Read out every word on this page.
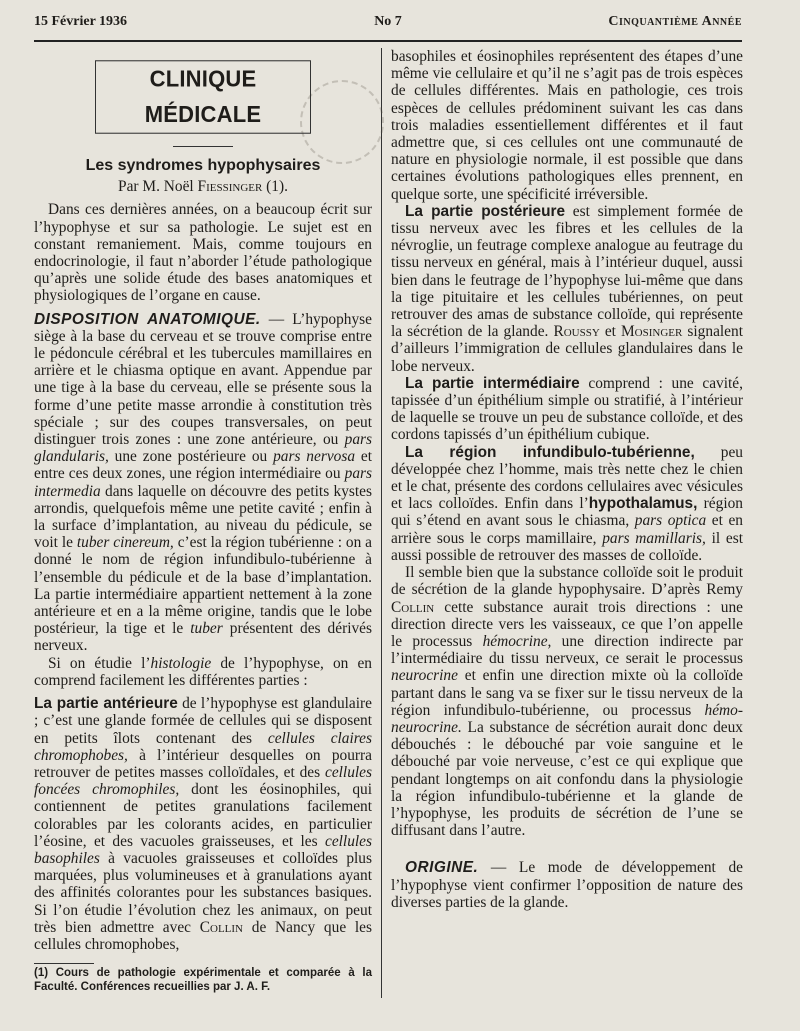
15 Février 1936	No 7	Cinquantième Année
CLINIQUE MÉDICALE
Les syndromes hypophysaires
Par M. Noël Fiessinger (1).

Dans ces dernières années, on a beaucoup écrit sur l’hypophyse et sur sa pathologie. Le sujet est en constant remaniement. Mais, comme toujours en endocrinologie, il faut n’aborder l’étude pathologique qu’après une solide étude des bases anatomiques et physiologiques de l’organe en cause.

DISPOSITION ANATOMIQUE. — L’hypophyse siège à la base du cerveau et se trouve comprise entre le pédoncule cérébral et les tubercules mamillaires en arrière et le chiasma optique en avant. Appendue par une tige à la base du cerveau, elle se présente sous la forme d’une petite masse arrondie à constitution très spéciale ; sur des coupes transversales, on peut distinguer trois zones : une zone antérieure, ou pars glandularis, une zone postérieure ou pars nervosa et entre ces deux zones, une région intermédiaire ou pars intermedia dans laquelle on découvre des petits kystes arrondis, quelquefois même une petite cavité ; enfin à la surface d’implantation, au niveau du pédicule, se voit le tuber cinereum, c’est la région tubérienne : on a donné le nom de région infundibulo-tubérienne à l’ensemble du pédicule et de la base d’implantation. La partie intermédiaire appartient nettement à la zone antérieure et en a la même origine, tandis que le lobe postérieur, la tige et le tuber présentent des dérivés nerveux.

Si on étudie l’histologie de l’hypophyse, on en comprend facilement les différentes parties :

La partie antérieure de l’hypophyse est glandulaire ; c’est une glande formée de cellules qui se disposent en petits îlots contenant des cellules claires chromophobes, à l’intérieur desquelles on pourra retrouver de petites masses colloïdales, et des cellules foncées chromophiles, dont les éosinophiles, qui contiennent de petites granulations facilement colorables par les colorants acides, en particulier l’éosine, et des vacuoles graisseuses, et les cellules basophiles à vacuoles graisseuses et colloïdes plus marquées, plus volumineuses et à granulations ayant des affinités colorantes pour les substances basiques. Si l’on étudie l’évolution chez les animaux, on peut très bien admettre avec Collin de Nancy que les cellules chromophobes,

(1) Cours de pathologie expérimentale et comparée à la Faculté. Conférences recueillies par J. A. F.

basophiles et éosinophiles représentent des étapes d’une même vie cellulaire et qu’il ne s’agit pas de trois espèces de cellules différentes. Mais en pathologie, ces trois espèces de cellules prédominent suivant les cas dans trois maladies essentiellement différentes et il faut admettre que, si ces cellules ont une communauté de nature en physiologie normale, il est possible que dans certaines évolutions pathologiques elles prennent, en quelque sorte, une spécificité irréversible.

La partie postérieure est simplement formée de tissu nerveux avec les fibres et les cellules de la névroglie, un feutrage complexe analogue au feutrage du tissu nerveux en général, mais à l’intérieur duquel, aussi bien dans le feutrage de l’hypophyse lui-même que dans la tige pituitaire et les cellules tubériennes, on peut retrouver des amas de substance colloïde, qui représente la sécrétion de la glande. Roussy et Mosinger signalent d’ailleurs l’immigration de cellules glandulaires dans le lobe nerveux.

La partie intermédiaire comprend : une cavité, tapissée d’un épithélium simple ou stratifié, à l’intérieur de laquelle se trouve un peu de substance colloïde, et des cordons tapissés d’un épithélium cubique.

La région infundibulo-tubérienne, peu développée chez l’homme, mais très nette chez le chien et le chat, présente des cordons cellulaires avec vésicules et lacs colloïdes. Enfin dans l’hypothalamus, région qui s’étend en avant sous le chiasma, pars optica et en arrière sous le corps mamillaire, pars mamillaris, il est aussi possible de retrouver des masses de colloïde.

Il semble bien que la substance colloïde soit le produit de sécrétion de la glande hypophysaire. D’après Remy Collin cette substance aurait trois directions : une direction directe vers les vaisseaux, ce que l’on appelle le processus hémocrine, une direction indirecte par l’intermédiaire du tissu nerveux, ce serait le processus neurocrine et enfin une direction mixte où la colloïde partant dans le sang va se fixer sur le tissu nerveux de la région infundibulo-tubérienne, ou processus hémo-neurocrine. La substance de sécrétion aurait donc deux débouchés : le débouché par voie sanguine et le débouché par voie nerveuse, c’est ce qui explique que pendant longtemps on ait confondu dans la physiologie la région infundibulo-tubérienne et la glande de l’hypophyse, les produits de sécrétion de l’une se diffusant dans l’autre.

ORIGINE. — Le mode de développement de l’hypophyse vient confirmer l’opposition de nature des diverses parties de la glande.
